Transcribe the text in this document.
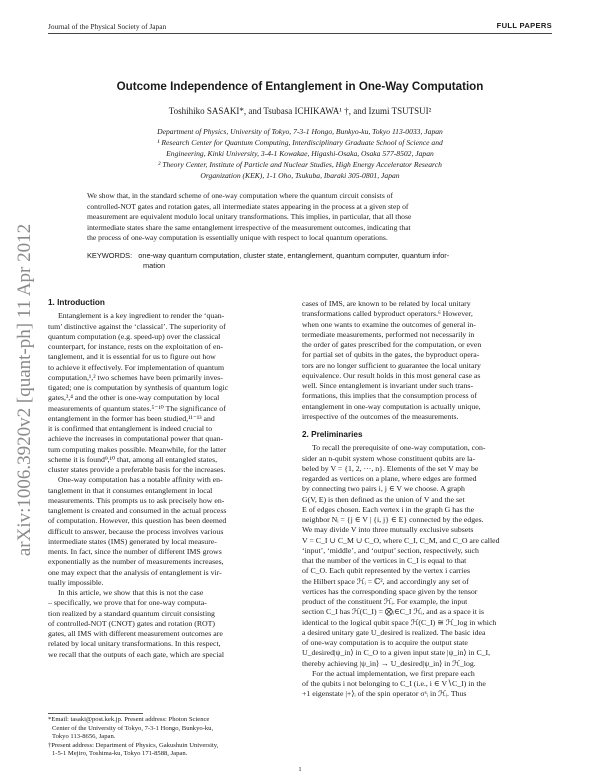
Journal of the Physical Society of Japan	FULL PAPERS
Outcome Independence of Entanglement in One-Way Computation
Toshihiko SASAKI*, and Tsubasa ICHIKAWA¹ †, and Izumi TSUTSUI²
Department of Physics, University of Tokyo, 7-3-1 Hongo, Bunkyo-ku, Tokyo 113-0033, Japan
¹ Research Center for Quantum Computing, Interdisciplinary Graduate School of Science and
Engineering, Kinki University, 3-4-1 Kowakae, Higashi-Osaka, Osaka 577-8502, Japan
² Theory Center, Institute of Particle and Nuclear Studies, High Energy Accelerator Research
Organization (KEK), 1-1 Oho, Tsukuba, Ibaraki 305-0801, Japan
arXiv:1006.3920v2 [quant-ph] 11 Apr 2012
We show that, in the standard scheme of one-way computation where the quantum circuit consists of
controlled-NOT gates and rotation gates, all intermediate states appearing in the process at a given step of
measurement are equivalent modulo local unitary transformations. This implies, in particular, that all those
intermediate states share the same entanglement irrespective of the measurement outcomes, indicating that
the process of one-way computation is essentially unique with respect to local quantum operations.
KEYWORDS: one-way quantum computation, cluster state, entanglement, quantum computer, quantum infor-
mation
1. Introduction
Entanglement is a key ingredient to render the ‘quan-
tum’ distinctive against the ‘classical’. The superiority of
quantum computation (e.g. speed-up) over the classical
counterpart, for instance, rests on the exploitation of en-
tanglement, and it is essential for us to figure out how
to achieve it effectively. For implementation of quantum
computation,¹,² two schemes have been primarily inves-
tigated; one is computation by synthesis of quantum logic
gates,³,⁴ and the other is one-way computation by local
measurements of quantum states.⁵⁻¹⁰ The significance of
entanglement in the former has been studied,¹¹⁻¹³ and
it is confirmed that entanglement is indeed crucial to
achieve the increases in computational power that quan-
tum computing makes possible. Meanwhile, for the latter
scheme it is found⁹,¹⁰ that, among all entangled states,
cluster states provide a preferable basis for the increases.
One-way computation has a notable affinity with en-
tanglement in that it consumes entanglement in local
measurements. This prompts us to ask precisely how en-
tanglement is created and consumed in the actual process
of computation. However, this question has been deemed
difficult to answer, because the process involves various
intermediate states (IMS) generated by local measure-
ments. In fact, since the number of different IMS grows
exponentially as the number of measurements increases,
one may expect that the analysis of entanglement is vir-
tually impossible.
In this article, we show that this is not the case
– specifically, we prove that for one-way computa-
tion realized by a standard quantum circuit consisting
of controlled-NOT (CNOT) gates and rotation (ROT)
gates, all IMS with different measurement outcomes are
related by local unitary transformations. In this respect,
we recall that the outputs of each gate, which are special
cases of IMS, are known to be related by local unitary
transformations called byproduct operators.⁶ However,
when one wants to examine the outcomes of general in-
termediate measurements, performed not necessarily in
the order of gates prescribed for the computation, or even
for partial set of qubits in the gates, the byproduct opera-
tors are no longer sufficient to guarantee the local unitary
equivalence. Our result holds in this most general case as
well. Since entanglement is invariant under such trans-
formations, this implies that the consumption process of
entanglement in one-way computation is actually unique,
irrespective of the outcomes of the measurements.
2. Preliminaries
To recall the prerequisite of one-way computation, con-
sider an n-qubit system whose constituent qubits are la-
beled by V = {1, 2, ···, n}. Elements of the set V may be
regarded as vertices on a plane, where edges are formed
by connecting two pairs i, j ∈ V we choose. A graph
G(V, E) is then defined as the union of V and the set
E of edges chosen. Each vertex i in the graph G has the
neighbor Nᵢ = {j ∈ V | {i, j} ∈ E} connected by the edges.
We may divide V into three mutually exclusive subsets
V = C_I ∪ C_M ∪ C_O, where C_I, C_M, and C_O are called
‘input’, ‘middle’, and ‘output’ section, respectively, such
that the number of the vertices in C_I is equal to that
of C_O. Each qubit represented by the vertex i carries
the Hilbert space ℋᵢ = ℂ², and accordingly any set of
vertices has the corresponding space given by the tensor
product of the constituent ℋᵢ. For example, the input
section C_I has ℋ(C_I) = ⨂ᵢ∈C_I ℋᵢ, and as a space it is
identical to the logical qubit space ℋ(C_I) ≅ ℋ_log in which
a desired unitary gate U_desired is realized. The basic idea
of one-way computation is to acquire the output state
U_desired|ψ_in⟩ in C_O to a given input state |ψ_in⟩ in C_I,
thereby achieving |ψ_in⟩ → U_desired|ψ_in⟩ in ℋ_log.
For the actual implementation, we first prepare each
of the qubits i not belonging to C_I (i.e., i ∈ V∖C_I) in the
+1 eigenstate |+⟩ᵢ of the spin operator σˣᵢ in ℋᵢ. Thus
*Email: tasaki@post.kek.jp. Present address: Photon Science
Center of the University of Tokyo, 7-3-1 Hongo, Bunkyo-ku,
Tokyo 113-8656, Japan.
†Present address: Department of Physics, Gakushuin University,
1-5-1 Mejiro, Toshima-ku, Tokyo 171-8588, Japan.
1
